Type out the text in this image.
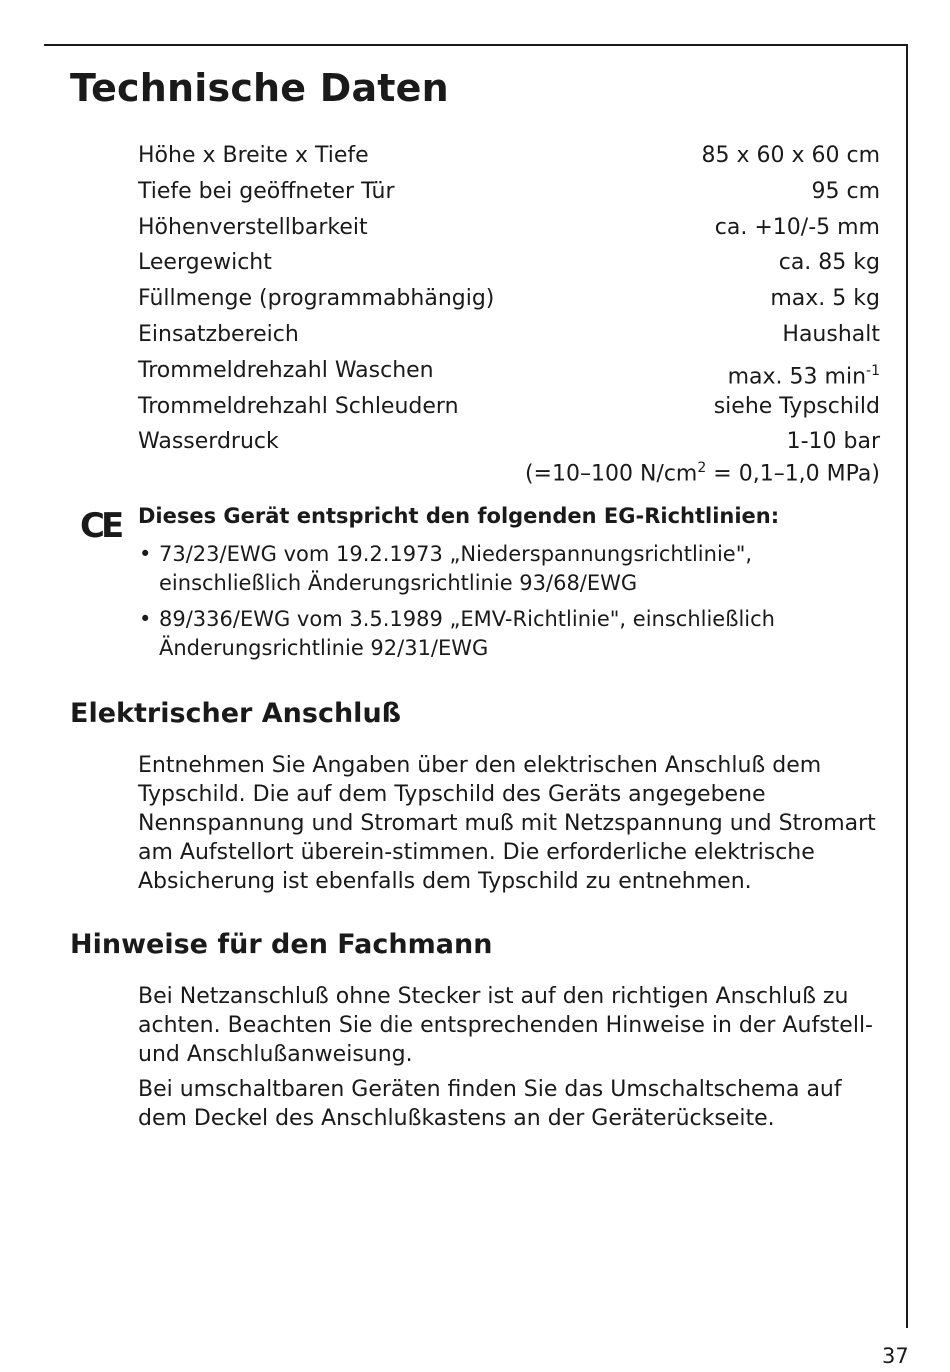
Technische Daten
Höhe x Breite x Tiefe	85 x 60 x 60 cm
Tiefe bei geöffneter Tür	95 cm
Höhenverstellbarkeit	ca. +10/-5 mm
Leergewicht	ca. 85 kg
Füllmenge (programmabhängig)	max. 5 kg
Einsatzbereich	Haushalt
Trommeldrehzahl Waschen	max. 53 $\min^{-1}$
Trommeldrehzahl Schleudern	siehe Typschild
Wasserdruck	1-10 bar
(=10–100 $N/cm^2 = 0,1-1,0$ MPa)
CE Dieses Gerät entspricht den folgenden EG-Richtlinien:
• 73/23/EWG vom 19.2.1973 „Niederspannungsrichtlinie",
einschließlich Änderungsrichtlinie 93/68/EWG
• 89/336/EWG vom 3.5.1989 „EMV-Richtlinie", einschließlich
Änderungsrichtlinie 92/31/EWG
Elektrischer Anschluß

Entnehmen Sie Angaben über den elektrischen Anschluß dem Typschild. Die auf dem Typschild des Geräts angegebene Nennspannung und Stromart muß mit Netzspannung und Stromart am Aufstellort überein-stimmen. Die erforderliche elektrische Absicherung ist ebenfalls dem Typschild zu entnehmen.

Hinweise für den Fachmann

Bei Netzanschluß ohne Stecker ist auf den richtigen Anschluß zu achten. Beachten Sie die entsprechenden Hinweise in der Aufstell- und Anschlußanweisung.

Bei umschaltbaren Geräten finden Sie das Umschaltschema auf dem Deckel des Anschlußkastens an der Geräterückseite.

37
